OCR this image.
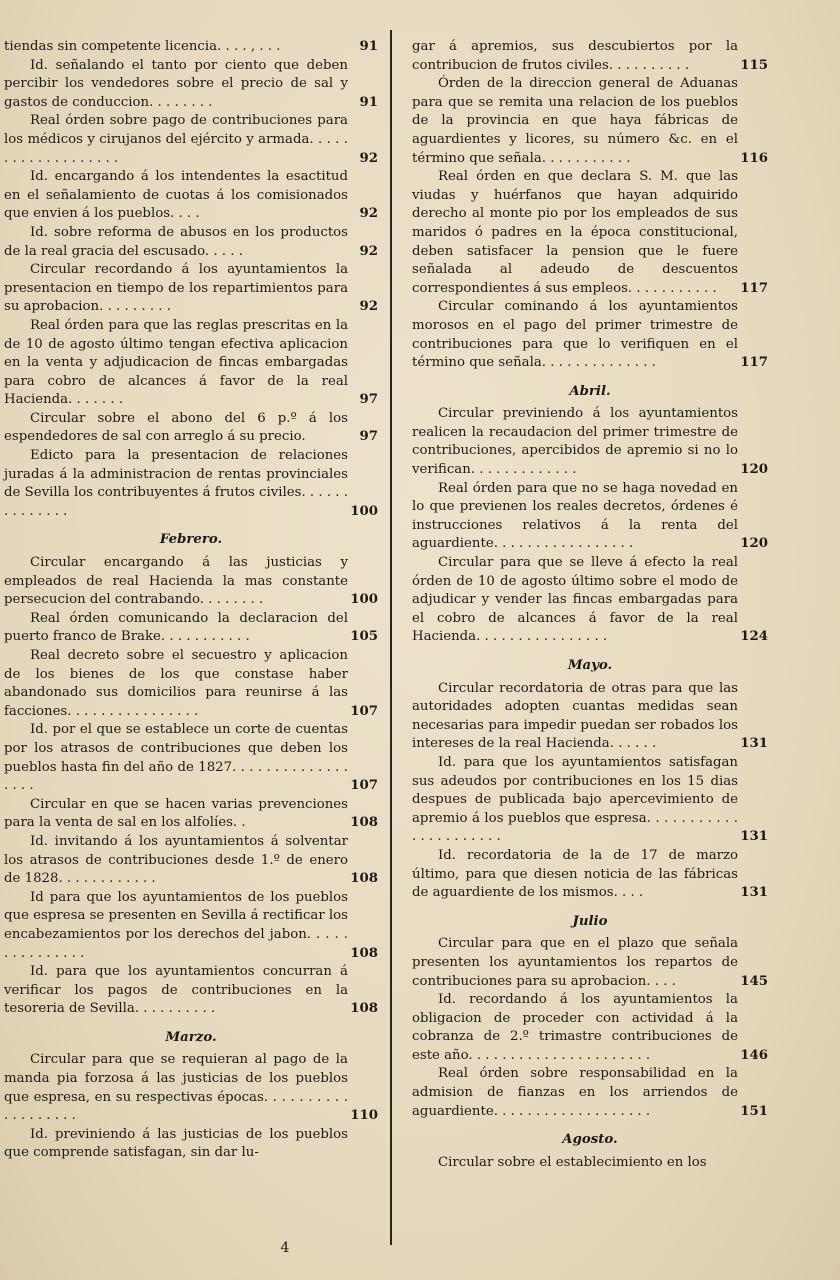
tiendas sin competente licencia. . . . , . . .	91
Id. señalando el tanto por ciento que deben percibir los vendedores sobre el precio de sal y gastos de conduccion. . . . . . . .	91
Real órden sobre pago de contribuciones para los médicos y cirujanos del ejército y armada. . . . . . . . . . . . . . . . . . .	92
Id. encargando á los intendentes la esactitud en el señalamiento de cuotas á los comisionados que envien á los pueblos. . . .	92
Id. sobre reforma de abusos en los productos de la real gracia del escusado. . . . .	92
Circular recordando á los ayuntamientos la presentacion en tiempo de los repartimientos para su aprobacion. . . . . . . . .	92
Real órden para que las reglas prescritas en la de 10 de agosto último tengan efectiva aplicacion en la venta y adjudicacion de fincas embargadas para cobro de alcances á favor de la real Hacienda. . . . . . .	97
Circular sobre el abono del 6 p.º á los espendedores de sal con arreglo á su precio.	97
Edicto para la presentacion de relaciones juradas á la administracion de rentas provinciales de Sevilla los contribuyentes á frutos civiles. . . . . . . . . . . . . .	100
Febrero.
Circular encargando á las justicias y empleados de real Hacienda la mas constante persecucion del contrabando. . . . . . . .	100
Real órden comunicando la declaracion del puerto franco de Brake. . . . . . . . . . .	105
Real decreto sobre el secuestro y aplicacion de los bienes de los que constase haber abandonado sus domicilios para reunirse á las facciones. . . . . . . . . . . . . . . .	107
Id. por el que se establece un corte de cuentas por los atrasos de contribuciones que deben los pueblos hasta fin del año de 1827. . . . . . . . . . . . . . . . . .	107
Circular en que se hacen varias prevenciones para la venta de sal en los alfolíes. .	108
Id. invitando á los ayuntamientos á solventar los atrasos de contribuciones desde 1.º de enero de 1828. . . . . . . . . . . .	108
Id para que los ayuntamientos de los pueblos que espresa se presenten en Sevilla á rectificar los encabezamientos por los derechos del jabon. . . . . . . . . . . . . . .	108
Id. para que los ayuntamientos concurran á verificar los pagos de contribuciones en la tesoreria de Sevilla. . . . . . . . . .	108
Marzo.
Circular para que se requieran al pago de la manda pia forzosa á las justicias de los pueblos que espresa, en su respectivas épocas. . . . . . . . . . . . . . . . . . .	110
Id. previniendo á las justicias de los pueblos que comprende satisfagan, sin dar lu-
gar á apremios, sus descubiertos por la contribucion de frutos civiles. . . . . . . . . .	115
Órden de la direccion general de Aduanas para que se remita una relacion de los pueblos de la provincia en que haya fábricas de aguardientes y licores, su número &c. en el término que señala. . . . . . . . . . .	116
Real órden en que declara S. M. que las viudas y huérfanos que hayan adquirido derecho al monte pio por los empleados de sus maridos ó padres en la época constitucional, deben satisfacer la pension que le fuere señalada al adeudo de descuentos correspondientes á sus empleos. . . . . . . . . . .	117
Circular cominando á los ayuntamientos morosos en el pago del primer trimestre de contribuciones para que lo verifiquen en el término que señala. . . . . . . . . . . . . .	117
Abril.
Circular previniendo á los ayuntamientos realicen la recaudacion del primer trimestre de contribuciones, apercibidos de apremio si no lo verifican. . . . . . . . . . . . .	120
Real órden para que no se haga novedad en lo que previenen los reales decretos, órdenes é instrucciones relativos á la renta del aguardiente. . . . . . . . . . . . . . . . .	120
Circular para que se lleve á efecto la real órden de 10 de agosto último sobre el modo de adjudicar y vender las fincas embargadas para el cobro de alcances á favor de la real Hacienda. . . . . . . . . . . . . . . .	124
Mayo.
Circular recordatoria de otras para que las autoridades adopten cuantas medidas sean necesarias para impedir puedan ser robados los intereses de la real Hacienda. . . . . .	131
Id. para que los ayuntamientos satisfagan sus adeudos por contribuciones en los 15 dias despues de publicada bajo apercevimiento de apremio á los pueblos que espresa. . . . . . . . . . . . . . . . . . . . . .	131
Id. recordatoria de la de 17 de marzo último, para que diesen noticia de las fábricas de aguardiente de los mismos. . . .	131
Julio
Circular para que en el plazo que señala presenten los ayuntamientos los repartos de contribuciones para su aprobacion. . . .	145
Id. recordando á los ayuntamientos la obligacion de proceder con actividad á la cobranza de 2.º trimastre contribuciones de este año. . . . . . . . . . . . . . . . . . . . . .	146
Real órden sobre responsabilidad en la admision de fianzas en los arriendos de aguardiente. . . . . . . . . . . . . . . . . . .	151
Agosto.
Circular sobre el establecimiento en los
4
